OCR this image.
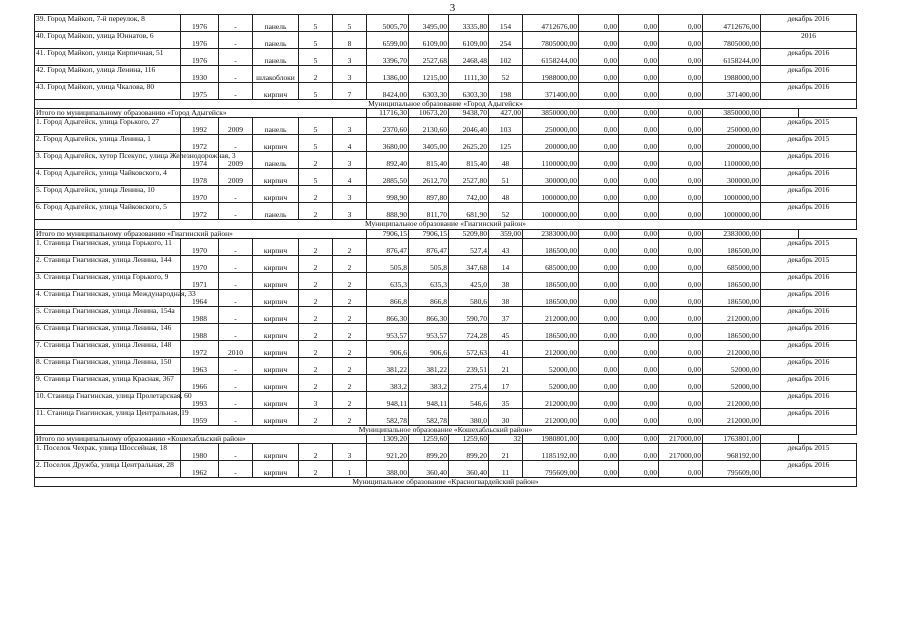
3
39. Город Майкоп, 7-й переулок, 8	1976	-	панель	5	5	5005,70	3495,00	3335,80	154	4712676,00	0,00	0,00	0,00	4712676,00	декабрь 2016
40. Город Майкоп, улица Юннатов, 6	1976	-	панель	5	8	6599,00	6109,00	6109,00	254	7805000,00	0,00	0,00	0,00	7805000,00	2016
41. Город Майкоп, улица Кирпичная, 51	1976	-	панель	5	3	3396,70	2527,68	2468,48	102	6158244,00	0,00	0,00	0,00	6158244,00	декабрь 2016
42. Город Майкоп, улица Ленина, 116	1930	-	шлакоблоки	2	3	1386,00	1215,00	1111,30	52	1988000,00	0,00	0,00	0,00	1988000,00	декабрь 2016
43. Город Майкоп, улица Чкалова, 80	1975	-	кирпич	5	7	8424,00	6303,30	6303,30	198	371400,00	0,00	0,00	0,00	371400,00	декабрь 2016
Муниципальное образование «Город Адыгейск»															
Итого по муниципальному образованию «Город Адыгейск»						11716,30	10673,20	9438,70	427,00	3850000,00	0,00	0,00	0,00	3850000,00	
1. Город Адыгейск, улица Горького, 27	1992	2009	панель	5	3	2370,60	2130,60	2046,40	103	250000,00	0,00	0,00	0,00	250000,00	декабрь 2015
2. Город Адыгейск, улица Ленина, 1	1972	-	кирпич	5	4	3680,00	3405,00	2625,20	125	200000,00	0,00	0,00	0,00	200000,00	декабрь 2015
3. Город Адыгейск, хутор Псекупс, улица Железнодорожная, 3	1974	2009	панель	2	3	892,40	815,40	815,40	48	1100000,00	0,00	0,00	0,00	1100000,00	декабрь 2016
4. Город Адыгейск, улица Чайковского, 4	1978	2009	кирпич	5	4	2885,50	2612,70	2527,80	51	300000,00	0,00	0,00	0,00	300000,00	декабрь 2016
5. Город Адыгейск, улица Ленина, 10	1970	-	кирпич	2	3	998,90	897,80	742,00	48	1000000,00	0,00	0,00	0,00	1000000,00	декабрь 2016
6. Город Адыгейск, улица Чайковского, 5	1972	-	панель	2	3	888,90	811,70	681,90	52	1000000,00	0,00	0,00	0,00	1000000,00	декабрь 2016
Муниципальное образование «Гиагинский район»															
Итого по муниципальному образованию «Гиагинский район»						7906,15	7906,15	5209,80	359,00	2383000,00	0,00	0,00	0,00	2383000,00	
1. Станица Гиагинская, улица Горького, 11	1970	-	кирпич	2	2	876,47	876,47	527,4	43	186500,00	0,00	0,00	0,00	186500,00	декабрь 2015
2. Станица Гиагинская, улица Ленина, 144	1970	-	кирпич	2	2	505,8	505,8	347,68	14	685000,00	0,00	0,00	0,00	685000,00	декабрь 2015
3. Станица Гиагинская, улица Горького, 9	1971	-	кирпич	2	2	635,3	635,3	425,0	38	186500,00	0,00	0,00	0,00	186500,00	декабрь 2016
4. Станица Гиагинская, улица Международная, 33	1964	-	кирпич	2	2	866,8	866,8	580,6	38	186500,00	0,00	0,00	0,00	186500,00	декабрь 2016
5. Станица Гиагинская, улица Ленина, 154а	1988	-	кирпич	2	2	866,30	866,30	590,70	37	212000,00	0,00	0,00	0,00	212000,00	декабрь 2016
6. Станица Гиагинская, улица Ленина, 146	1988	-	кирпич	2	2	953,57	953,57	724,28	45	186500,00	0,00	0,00	0,00	186500,00	декабрь 2016
7. Станица Гиагинская, улица Ленина, 148	1972	2010	кирпич	2	2	906,6	906,6	572,63	41	212000,00	0,00	0,00	0,00	212000,00	декабрь 2016
8. Станица Гиагинская, улица Ленина, 150	1963	-	кирпич	2	2	381,22	381,22	239,51	21	52000,00	0,00	0,00	0,00	52000,00	декабрь 2016
9. Станица Гиагинская, улица Красная, 367	1966	-	кирпич	2	2	383,2	383,2	275,4	17	52000,00	0,00	0,00	0,00	52000,00	декабрь 2016
10. Станица Гиагинская, улица Пролетарская, 60	1993	-	кирпич	3	2	948,11	948,11	546,6	35	212000,00	0,00	0,00	0,00	212000,00	декабрь 2016
11. Станица Гиагинская, улица Центральная, 19	1959	-	кирпич	2	2	582,78	582,78	380,0	30	212000,00	0,00	0,00	0,00	212000,00	декабрь 2016
Муниципальное образование «Кошехабльский район»															
Итого по муниципальному образованию «Кошехабльский район»						1309,20	1259,60	1259,60	32	1980801,00	0,00	0,00	217000,00	1763801,00	
1. Поселок Чехрак, улица Шоссейная, 18	1980	-	кирпич	2	3	921,20	899,20	899,20	21	1185192,00	0,00	0,00	217000,00	968192,00	декабрь 2015
2. Поселок Дружба, улица Центральная, 28	1962	-	кирпич	2	1	388,00	360,40	360,40	11	795609,00	0,00	0,00	0,00	795609,00	декабрь 2016
Муниципальное образование «Красногвардейский район»															
